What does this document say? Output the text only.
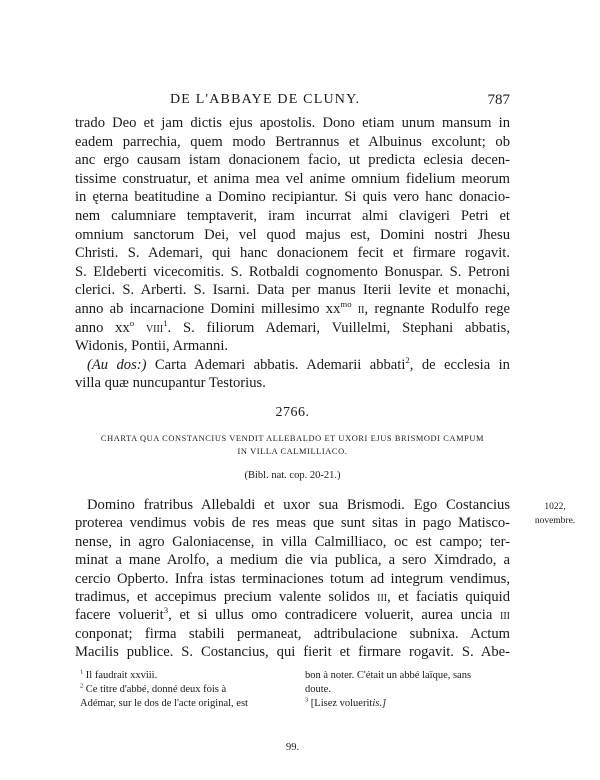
DE L'ABBAYE DE CLUNY.	787
trado Deo et jam dictis ejus apostolis. Dono etiam unum mansum in
eadem parrechia, quem modo Bertrannus et Albuinus excolunt; ob
anc ergo causam istam donacionem facio, ut predicta eclesia decen-
tissime construatur, et anima mea vel anime omnium fidelium meorum
in ęterna beatitudine a Domino recipiantur. Si quis vero hanc donacio-
nem calumniare temptaverit, iram incurrat almi clavigeri Petri et
omnium sanctorum Dei, vel quod majus est, Domini nostri Jhesu
Christi. S. Ademari, qui hanc donacionem fecit et firmare rogavit.
S. Eldeberti vicecomitis. S. Rotbaldi cognomento Bonuspar. S. Petroni
clerici. S. Arberti. S. Isarni. Data per manus Iterii levite et monachi,
anno ab incarnacione Domini millesimo $xx^{mo}$ ii, regnante Rodulfo rege
anno $xx^o$ viii$^1$. S. filiorum Ademari, Vuillelmi, Stephani abbatis,
Widonis, Pontii, Armanni.
(Au dos:) Carta Ademari abbatis. Ademarii abbati$^2$, de ecclesia in
villa quæ nuncupantur Testorius.
2766.
CHARTA QUA CONSTANCIUS VENDIT ALLEBALDO ET UXORI EJUS BRISMODI CAMPUM
IN VILLA CALMILLIACO.
(Bibl. nat. cop. 20-21.)
1022,
novembre.
Domino fratribus Allebaldi et uxor sua Brismodi. Ego Costancius
proterea vendimus vobis de res meas que sunt sitas in pago Matisco-
nense, in agro Galoniacense, in villa Calmilliaco, oc est campo; ter-
minat a mane Arolfo, a medium die via publica, a sero Ximdrado, a
cercio Opberto. Infra istas terminaciones totum ad integrum vendimus,
tradimus, et accepimus precium valente solidos iii, et faciatis quiquid
facere voluerit$^3$, et si ullus omo contradicere voluerit, aurea uncia iii
conponat; firma stabili permaneat, adtribulacione subnixa. Actum
Macilis publice. S. Costancius, qui fierit et firmare rogavit. S. Abe-
$^1$ Il faudrait xxviii.
$^2$ Ce titre d'abbé, donné deux fois à
Adémar, sur le dos de l'acte original, est
bon à noter. C'était un abbé laïque, sans
doute.
$^3$ [Lisez volueritis.]
99.
